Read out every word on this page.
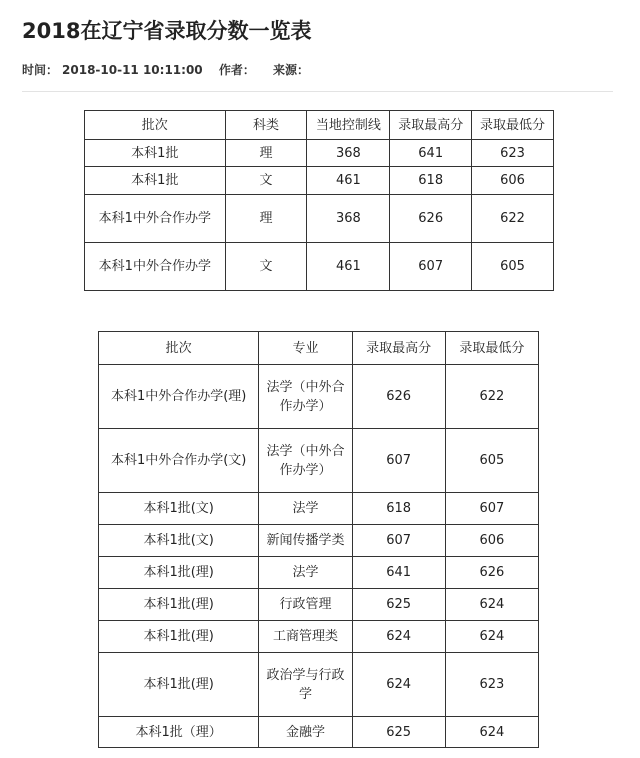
2018在辽宁省录取分数一览表
时间： 2018-10-11 10:11:00 作者： 来源：
批次	科类	当地控制线	录取最高分	录取最低分
本科1批	理	368	641	623
本科1批	文	461	618	606
本科1中外合作办学	理	368	626	622
本科1中外合作办学	文	461	607	605
批次	专业	录取最高分	录取最低分
本科1中外合作办学(理)	法学（中外合作办学）	626	622
本科1中外合作办学(文)	法学（中外合作办学）	607	605
本科1批(文)	法学	618	607
本科1批(文)	新闻传播学类	607	606
本科1批(理)	法学	641	626
本科1批(理)	行政管理	625	624
本科1批(理)	工商管理类	624	624
本科1批(理)	政治学与行政学	624	623
本科1批（理）	金融学	625	624
